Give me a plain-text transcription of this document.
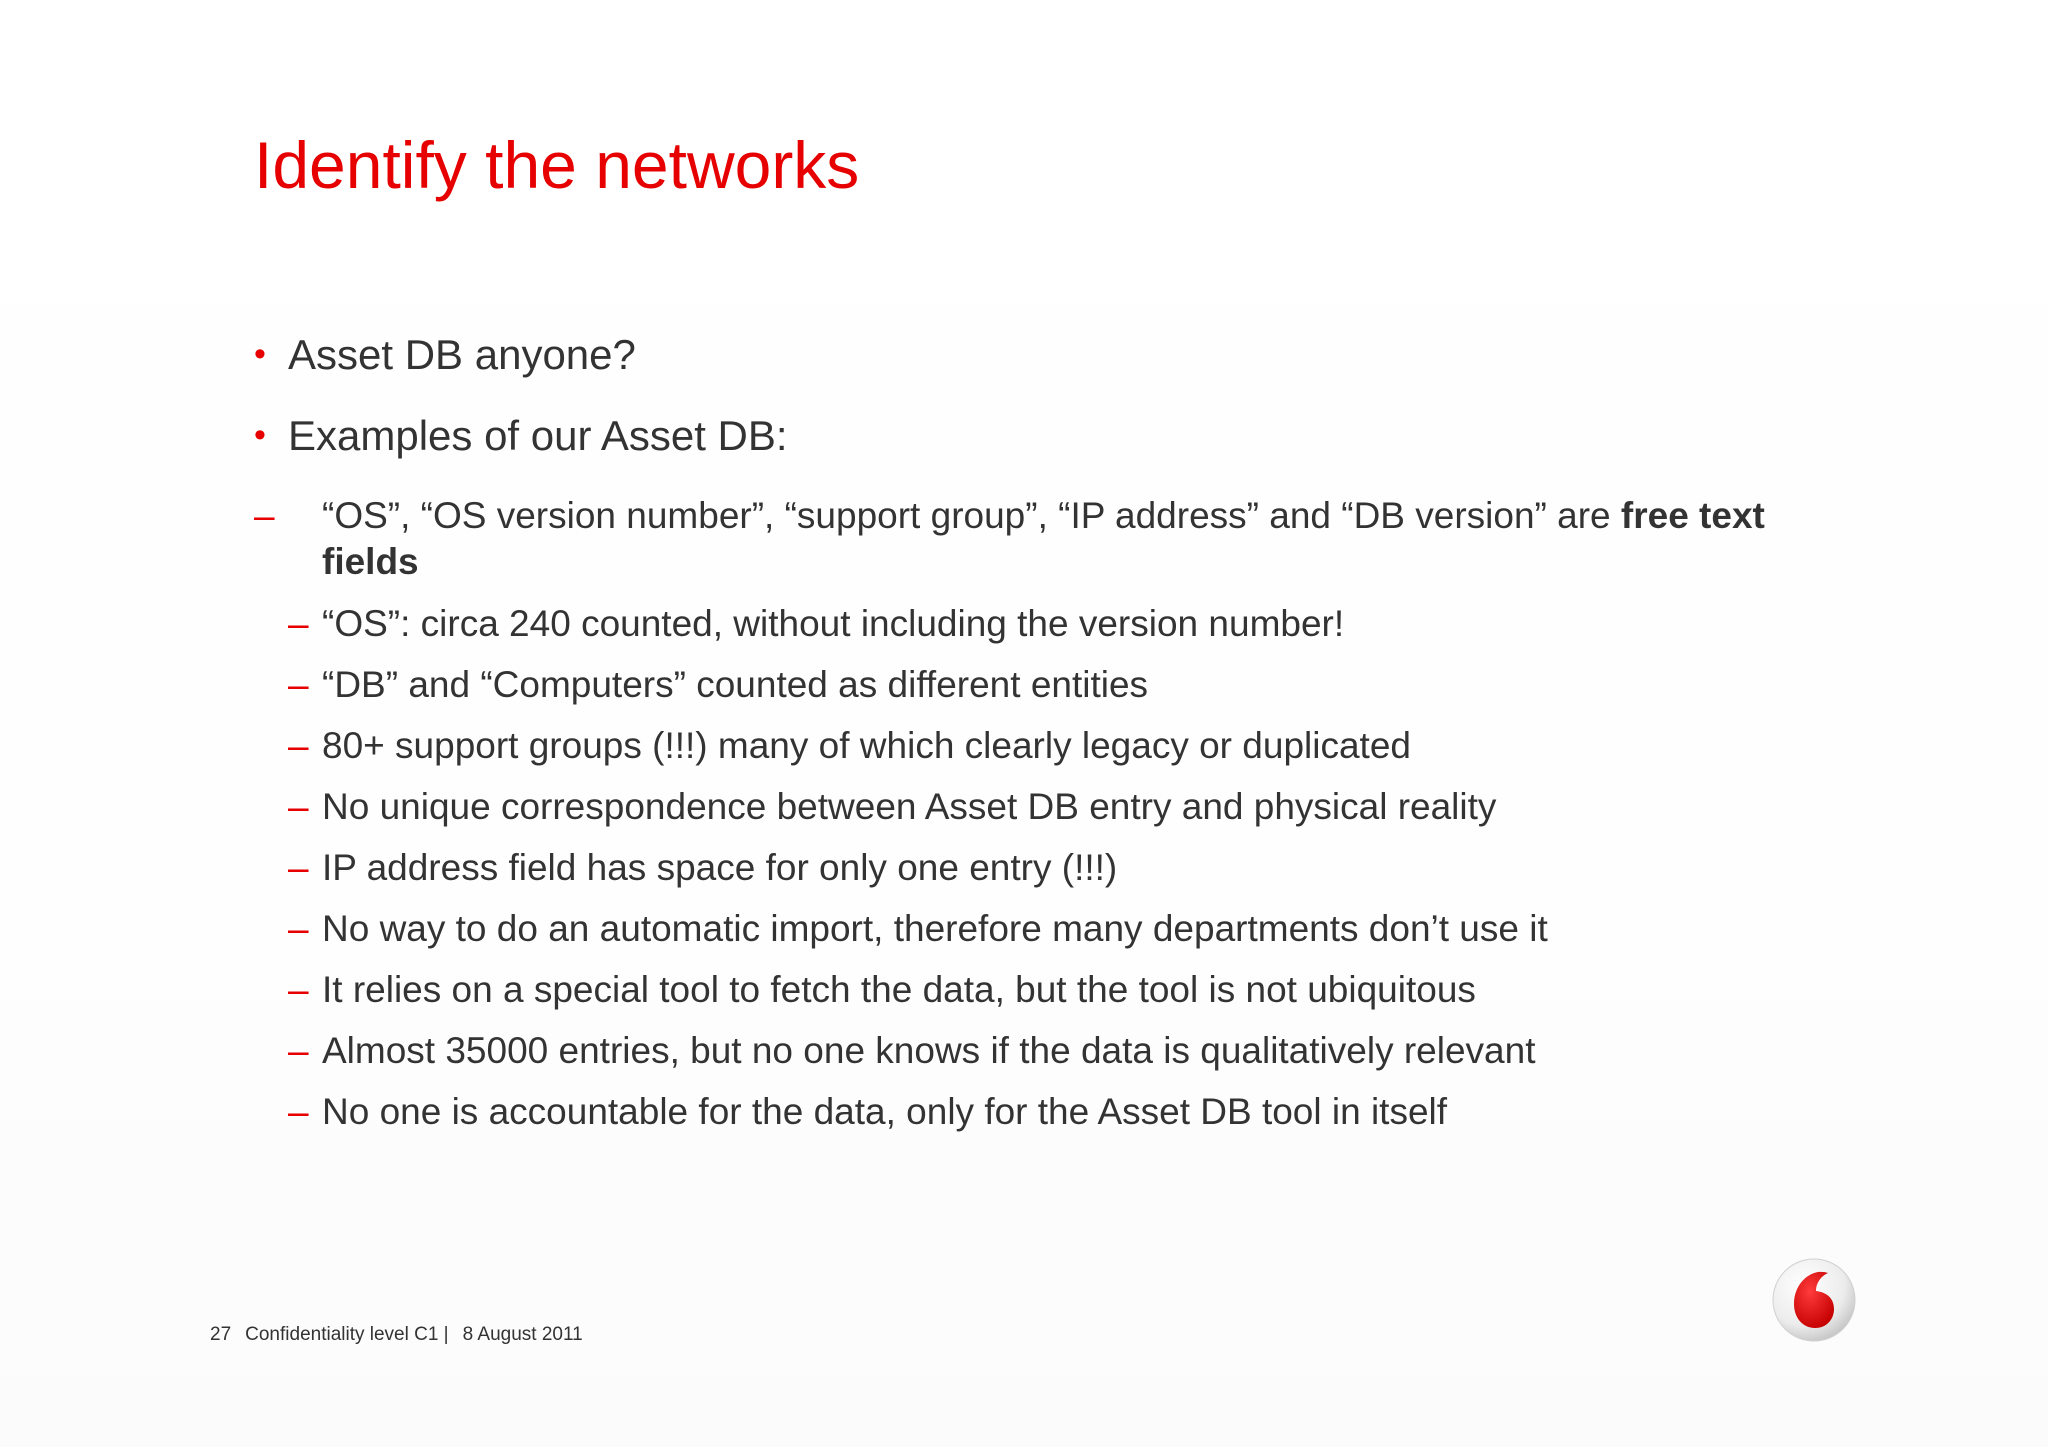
Identify the networks
• Asset DB anyone?
• Examples of our Asset DB:
– “OS”, “OS version number”, “support group”, “IP address” and “DB version” are free text fields
– “OS”: circa 240 counted, without including the version number!
– “DB” and “Computers” counted as different entities
– 80+ support groups (!!!) many of which clearly legacy or duplicated
– No unique correspondence between Asset DB entry and physical reality
– IP address field has space for only one entry (!!!)
– No way to do an automatic import, therefore many departments don’t use it
– It relies on a special tool to fetch the data, but the tool is not ubiquitous
– Almost 35000 entries, but no one knows if the data is qualitatively relevant
– No one is accountable for the data, only for the Asset DB tool in itself
27 Confidentiality level C1 | 8 August 2011
